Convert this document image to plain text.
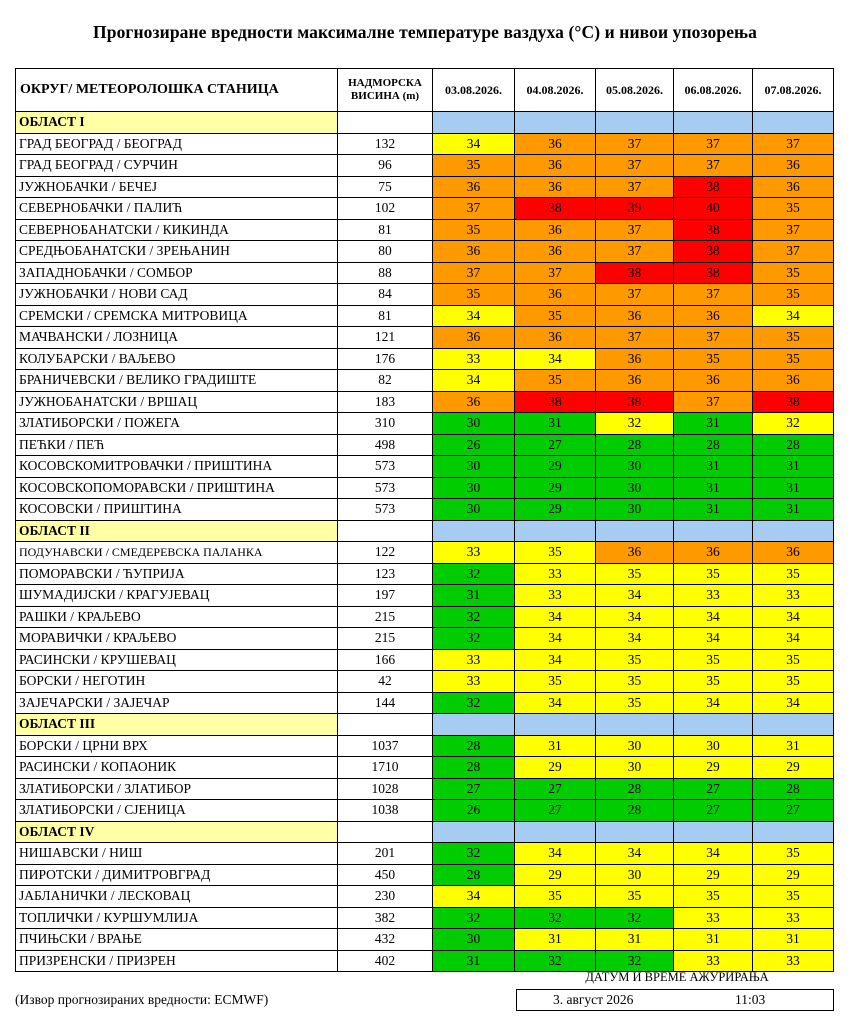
Прогнозиране вредности максималне температуре ваздуха (°C) и нивои упозорења
ОКРУГ/ МЕТЕОРОЛОШКА СТАНИЦА	НАДМОРСКА ВИСИНА (m)	03.08.2026.	04.08.2026.	05.08.2026.	06.08.2026.	07.08.2026.
ОБЛАСТ I						
ГРАД БЕОГРАД / БЕОГРАД	132	34	36	37	37	37
ГРАД БЕОГРАД / СУРЧИН	96	35	36	37	37	36
ЈУЖНОБАЧКИ / БЕЧЕЈ	75	36	36	37	38	36
СЕВЕРНОБАЧКИ / ПАЛИЋ	102	37	38	39	40	35
СЕВЕРНОБАНАТСКИ / КИКИНДА	81	35	36	37	38	37
СРЕДЊОБАНАТСКИ / ЗРЕЊАНИН	80	36	36	37	38	37
ЗАПАДНОБАЧКИ / СОМБОР	88	37	37	38	38	35
ЈУЖНОБАЧКИ / НОВИ САД	84	35	36	37	37	35
СРЕМСКИ / СРЕМСКА МИТРОВИЦА	81	34	35	36	36	34
МАЧВАНСКИ / ЛОЗНИЦА	121	36	36	37	37	35
КОЛУБАРСКИ / ВАЉЕВО	176	33	34	36	35	35
БРАНИЧЕВСКИ / ВЕЛИКО ГРАДИШТЕ	82	34	35	36	36	36
ЈУЖНОБАНАТСКИ / ВРШАЦ	183	36	38	38	37	38
ЗЛАТИБОРСКИ / ПОЖЕГА	310	30	31	32	31	32
ПЕЋКИ / ПЕЋ	498	26	27	28	28	28
КОСОВСКОМИТРОВАЧКИ / ПРИШТИНА	573	30	29	30	31	31
КОСОВСКОПОМОРАВСКИ / ПРИШТИНА	573	30	29	30	31	31
КОСОВСКИ / ПРИШТИНА	573	30	29	30	31	31
ОБЛАСТ II						
ПОДУНАВСКИ / СМЕДЕРЕВСКА ПАЛАНКА	122	33	35	36	36	36
ПОМОРАВСКИ / ЋУПРИЈА	123	32	33	35	35	35
ШУМАДИЈСКИ / КРАГУЈЕВАЦ	197	31	33	34	33	33
РАШКИ / КРАЉЕВО	215	32	34	34	34	34
МОРАВИЧКИ / КРАЉЕВО	215	32	34	34	34	34
РАСИНСКИ / КРУШЕВАЦ	166	33	34	35	35	35
БОРСКИ / НЕГОТИН	42	33	35	35	35	35
ЗАЈЕЧАРСКИ / ЗАЈЕЧАР	144	32	34	35	34	34
ОБЛАСТ III						
БОРСКИ / ЦРНИ ВРХ	1037	28	31	30	30	31
РАСИНСКИ / КОПАОНИК	1710	28	29	30	29	29
ЗЛАТИБОРСКИ / ЗЛАТИБОР	1028	27	27	28	27	28
ЗЛАТИБОРСКИ / СЈЕНИЦА	1038	26	27	28	27	27
ОБЛАСТ IV						
НИШАВСКИ / НИШ	201	32	34	34	34	35
ПИРОТСКИ / ДИМИТРОВГРАД	450	28	29	30	29	29
ЈАБЛАНИЧКИ / ЛЕСКОВАЦ	230	34	35	35	35	35
ТОПЛИЧКИ / КУРШУМЛИЈА	382	32	32	32	33	33
ПЧИЊСКИ / ВРАЊЕ	432	30	31	31	31	31
ПРИЗРЕНСКИ / ПРИЗРЕН	402	31	32	32	33	33
(Извор прогнозираних вредности: ECMWF)
ДАТУМ И ВРЕМЕ АЖУРИРАЊА
3. август 2026	11:03
